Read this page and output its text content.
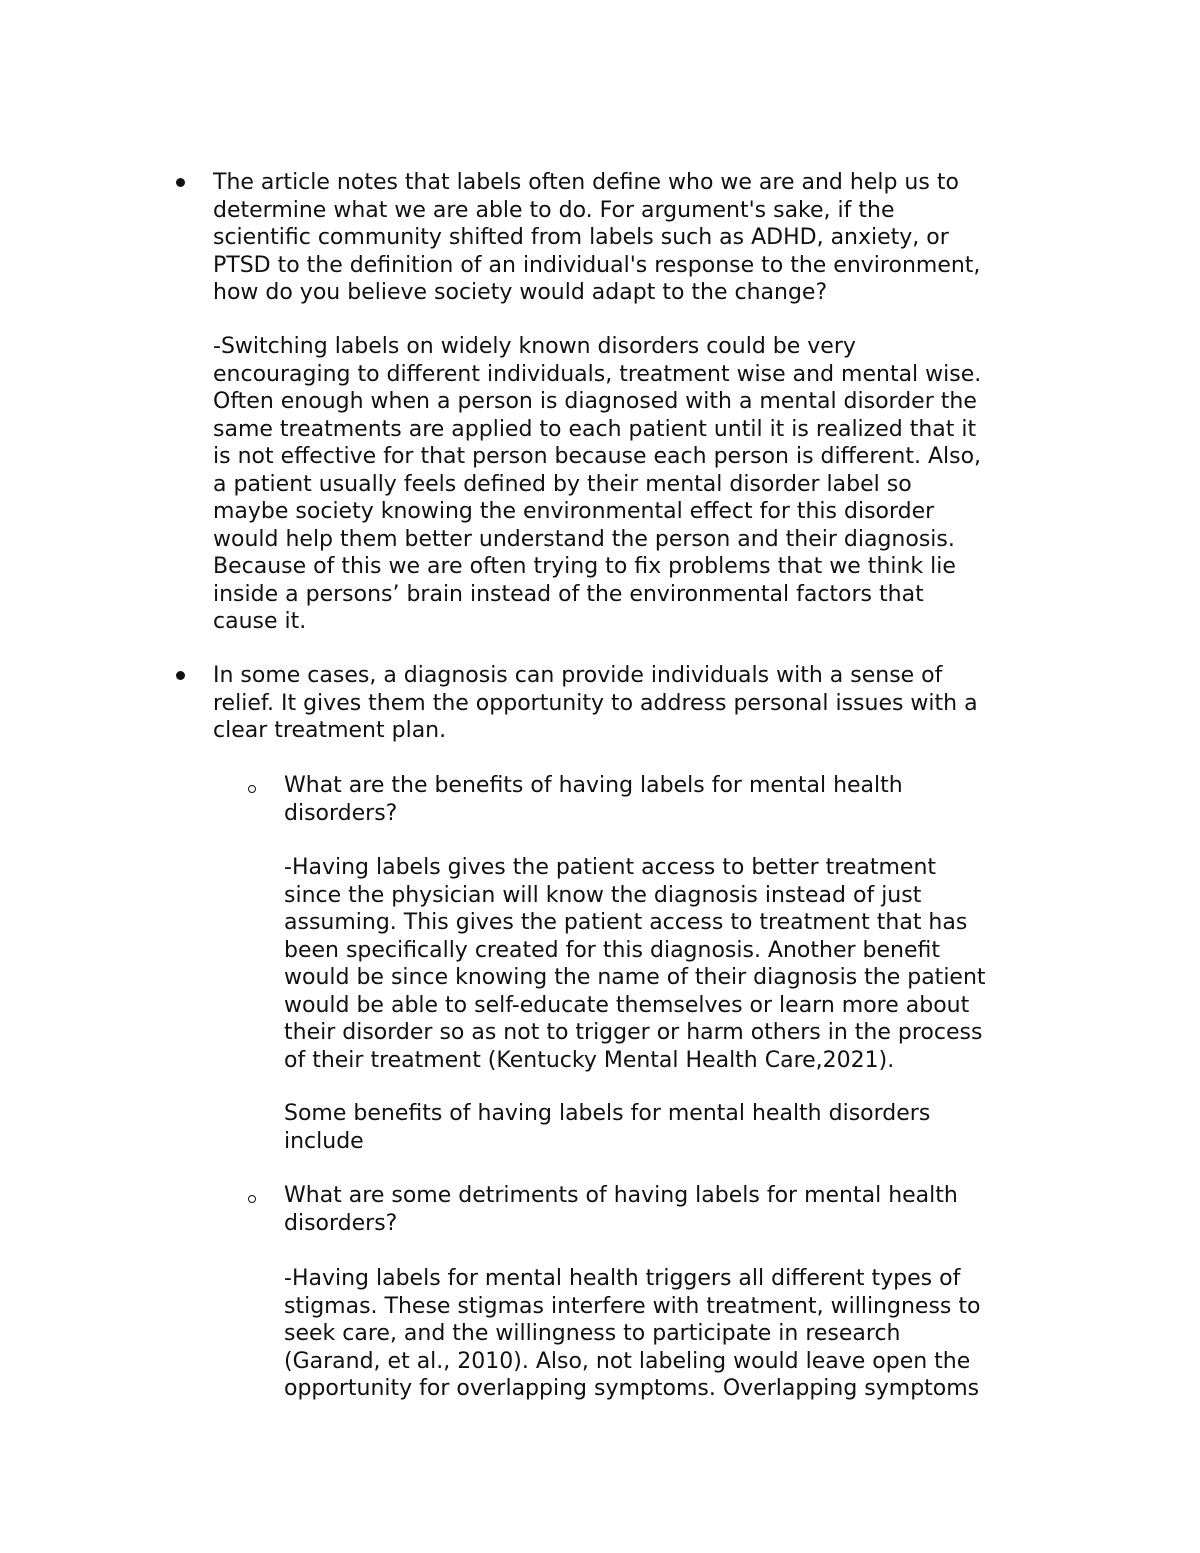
The article notes that labels often define who we are and help us to
determine what we are able to do. For argument's sake, if the
scientific community shifted from labels such as ADHD, anxiety, or
PTSD to the definition of an individual's response to the environment,
how do you believe society would adapt to the change?
-Switching labels on widely known disorders could be very
encouraging to different individuals, treatment wise and mental wise.
Often enough when a person is diagnosed with a mental disorder the
same treatments are applied to each patient until it is realized that it
is not effective for that person because each person is different. Also,
a patient usually feels defined by their mental disorder label so
maybe society knowing the environmental effect for this disorder
would help them better understand the person and their diagnosis.
Because of this we are often trying to fix problems that we think lie
inside a persons’ brain instead of the environmental factors that
cause it.
In some cases, a diagnosis can provide individuals with a sense of
relief. It gives them the opportunity to address personal issues with a
clear treatment plan.
What are the benefits of having labels for mental health
disorders?
-Having labels gives the patient access to better treatment
since the physician will know the diagnosis instead of just
assuming. This gives the patient access to treatment that has
been specifically created for this diagnosis. Another benefit
would be since knowing the name of their diagnosis the patient
would be able to self-educate themselves or learn more about
their disorder so as not to trigger or harm others in the process
of their treatment (Kentucky Mental Health Care,2021).
Some benefits of having labels for mental health disorders
include
What are some detriments of having labels for mental health
disorders?
-Having labels for mental health triggers all different types of
stigmas. These stigmas interfere with treatment, willingness to
seek care, and the willingness to participate in research
(Garand, et al., 2010). Also, not labeling would leave open the
opportunity for overlapping symptoms. Overlapping symptoms
